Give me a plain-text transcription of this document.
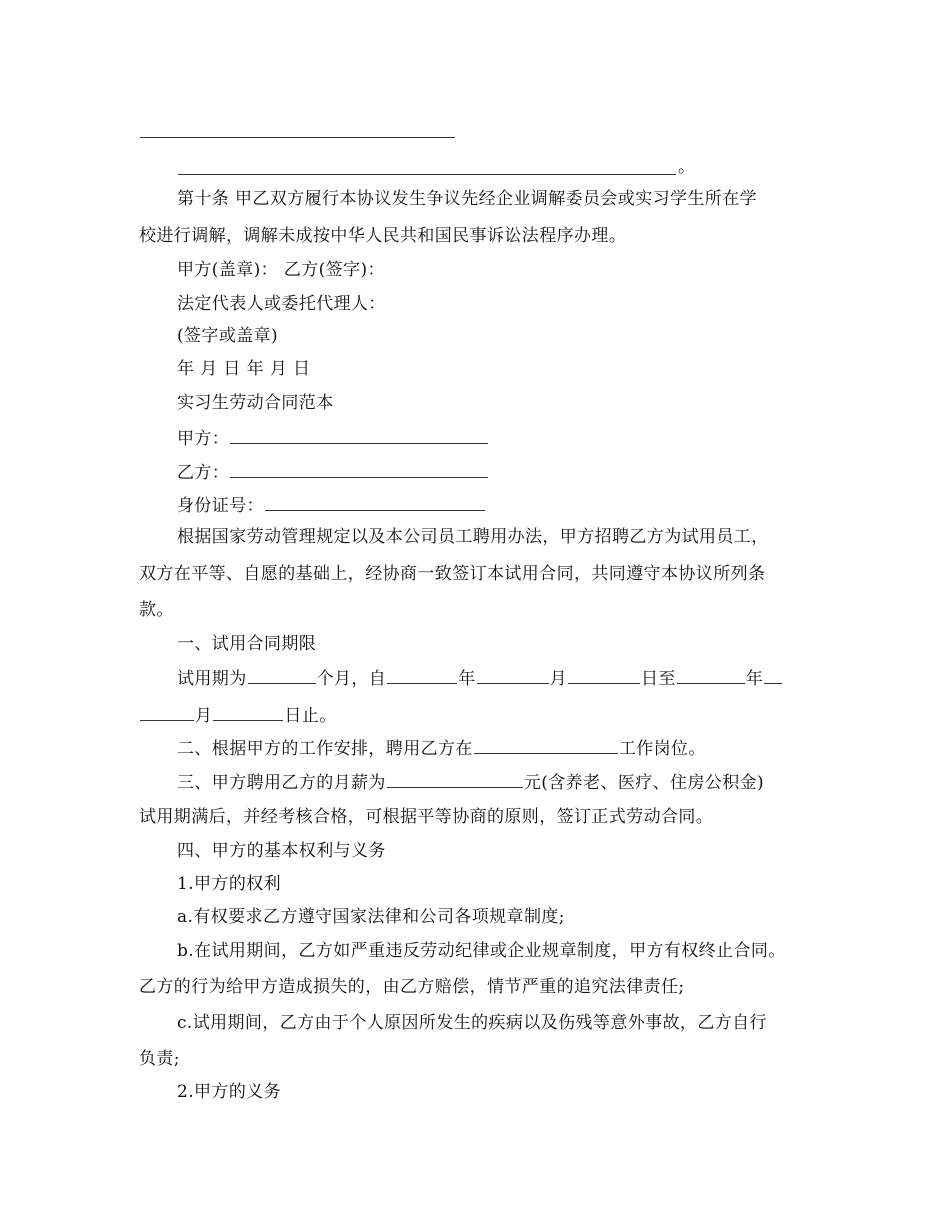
。
第十条 甲乙双方履行本协议发生争议先经企业调解委员会或实习学生所在学
校进行调解，调解未成按中华人民共和国民事诉讼法程序办理。
甲方(盖章)： 乙方(签字)：
法定代表人或委托代理人：
(签字或盖章)
年 月 日 年 月 日
实习生劳动合同范本
甲方：
乙方：
身份证号：
根据国家劳动管理规定以及本公司员工聘用办法，甲方招聘乙方为试用员工，
双方在平等、自愿的基础上，经协商一致签订本试用合同，共同遵守本协议所列条
款。
一、试用合同期限
试用期为	个月，自	年	月	日至	年
月	日止。
二、根据甲方的工作安排，聘用乙方在	工作岗位。
三、甲方聘用乙方的月薪为	元(含养老、医疗、住房公积金)
试用期满后，并经考核合格，可根据平等协商的原则，签订正式劳动合同。
四、甲方的基本权利与义务
1.甲方的权利
a.有权要求乙方遵守国家法律和公司各项规章制度;
b.在试用期间，乙方如严重违反劳动纪律或企业规章制度，甲方有权终止合同。
乙方的行为给甲方造成损失的，由乙方赔偿，情节严重的追究法律责任;
c.试用期间，乙方由于个人原因所发生的疾病以及伤残等意外事故，乙方自行
负责;
2.甲方的义务
